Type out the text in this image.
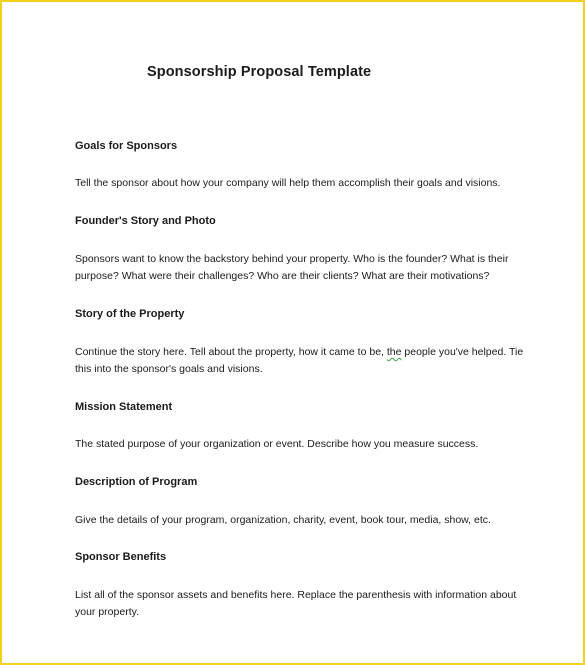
Sponsorship Proposal Template
Goals for Sponsors
Tell the sponsor about how your company will help them accomplish their goals and visions.
Founder's Story and Photo
Sponsors want to know the backstory behind your property. Who is the founder? What is their
purpose? What were their challenges? Who are their clients? What are their motivations?
Story of the Property
Continue the story here. Tell about the property, how it came to be, the people you've helped. Tie
this into the sponsor's goals and visions.
Mission Statement
The stated purpose of your organization or event. Describe how you measure success.
Description of Program
Give the details of your program, organization, charity, event, book tour, media, show, etc.
Sponsor Benefits
List all of the sponsor assets and benefits here. Replace the parenthesis with information about
your property.
